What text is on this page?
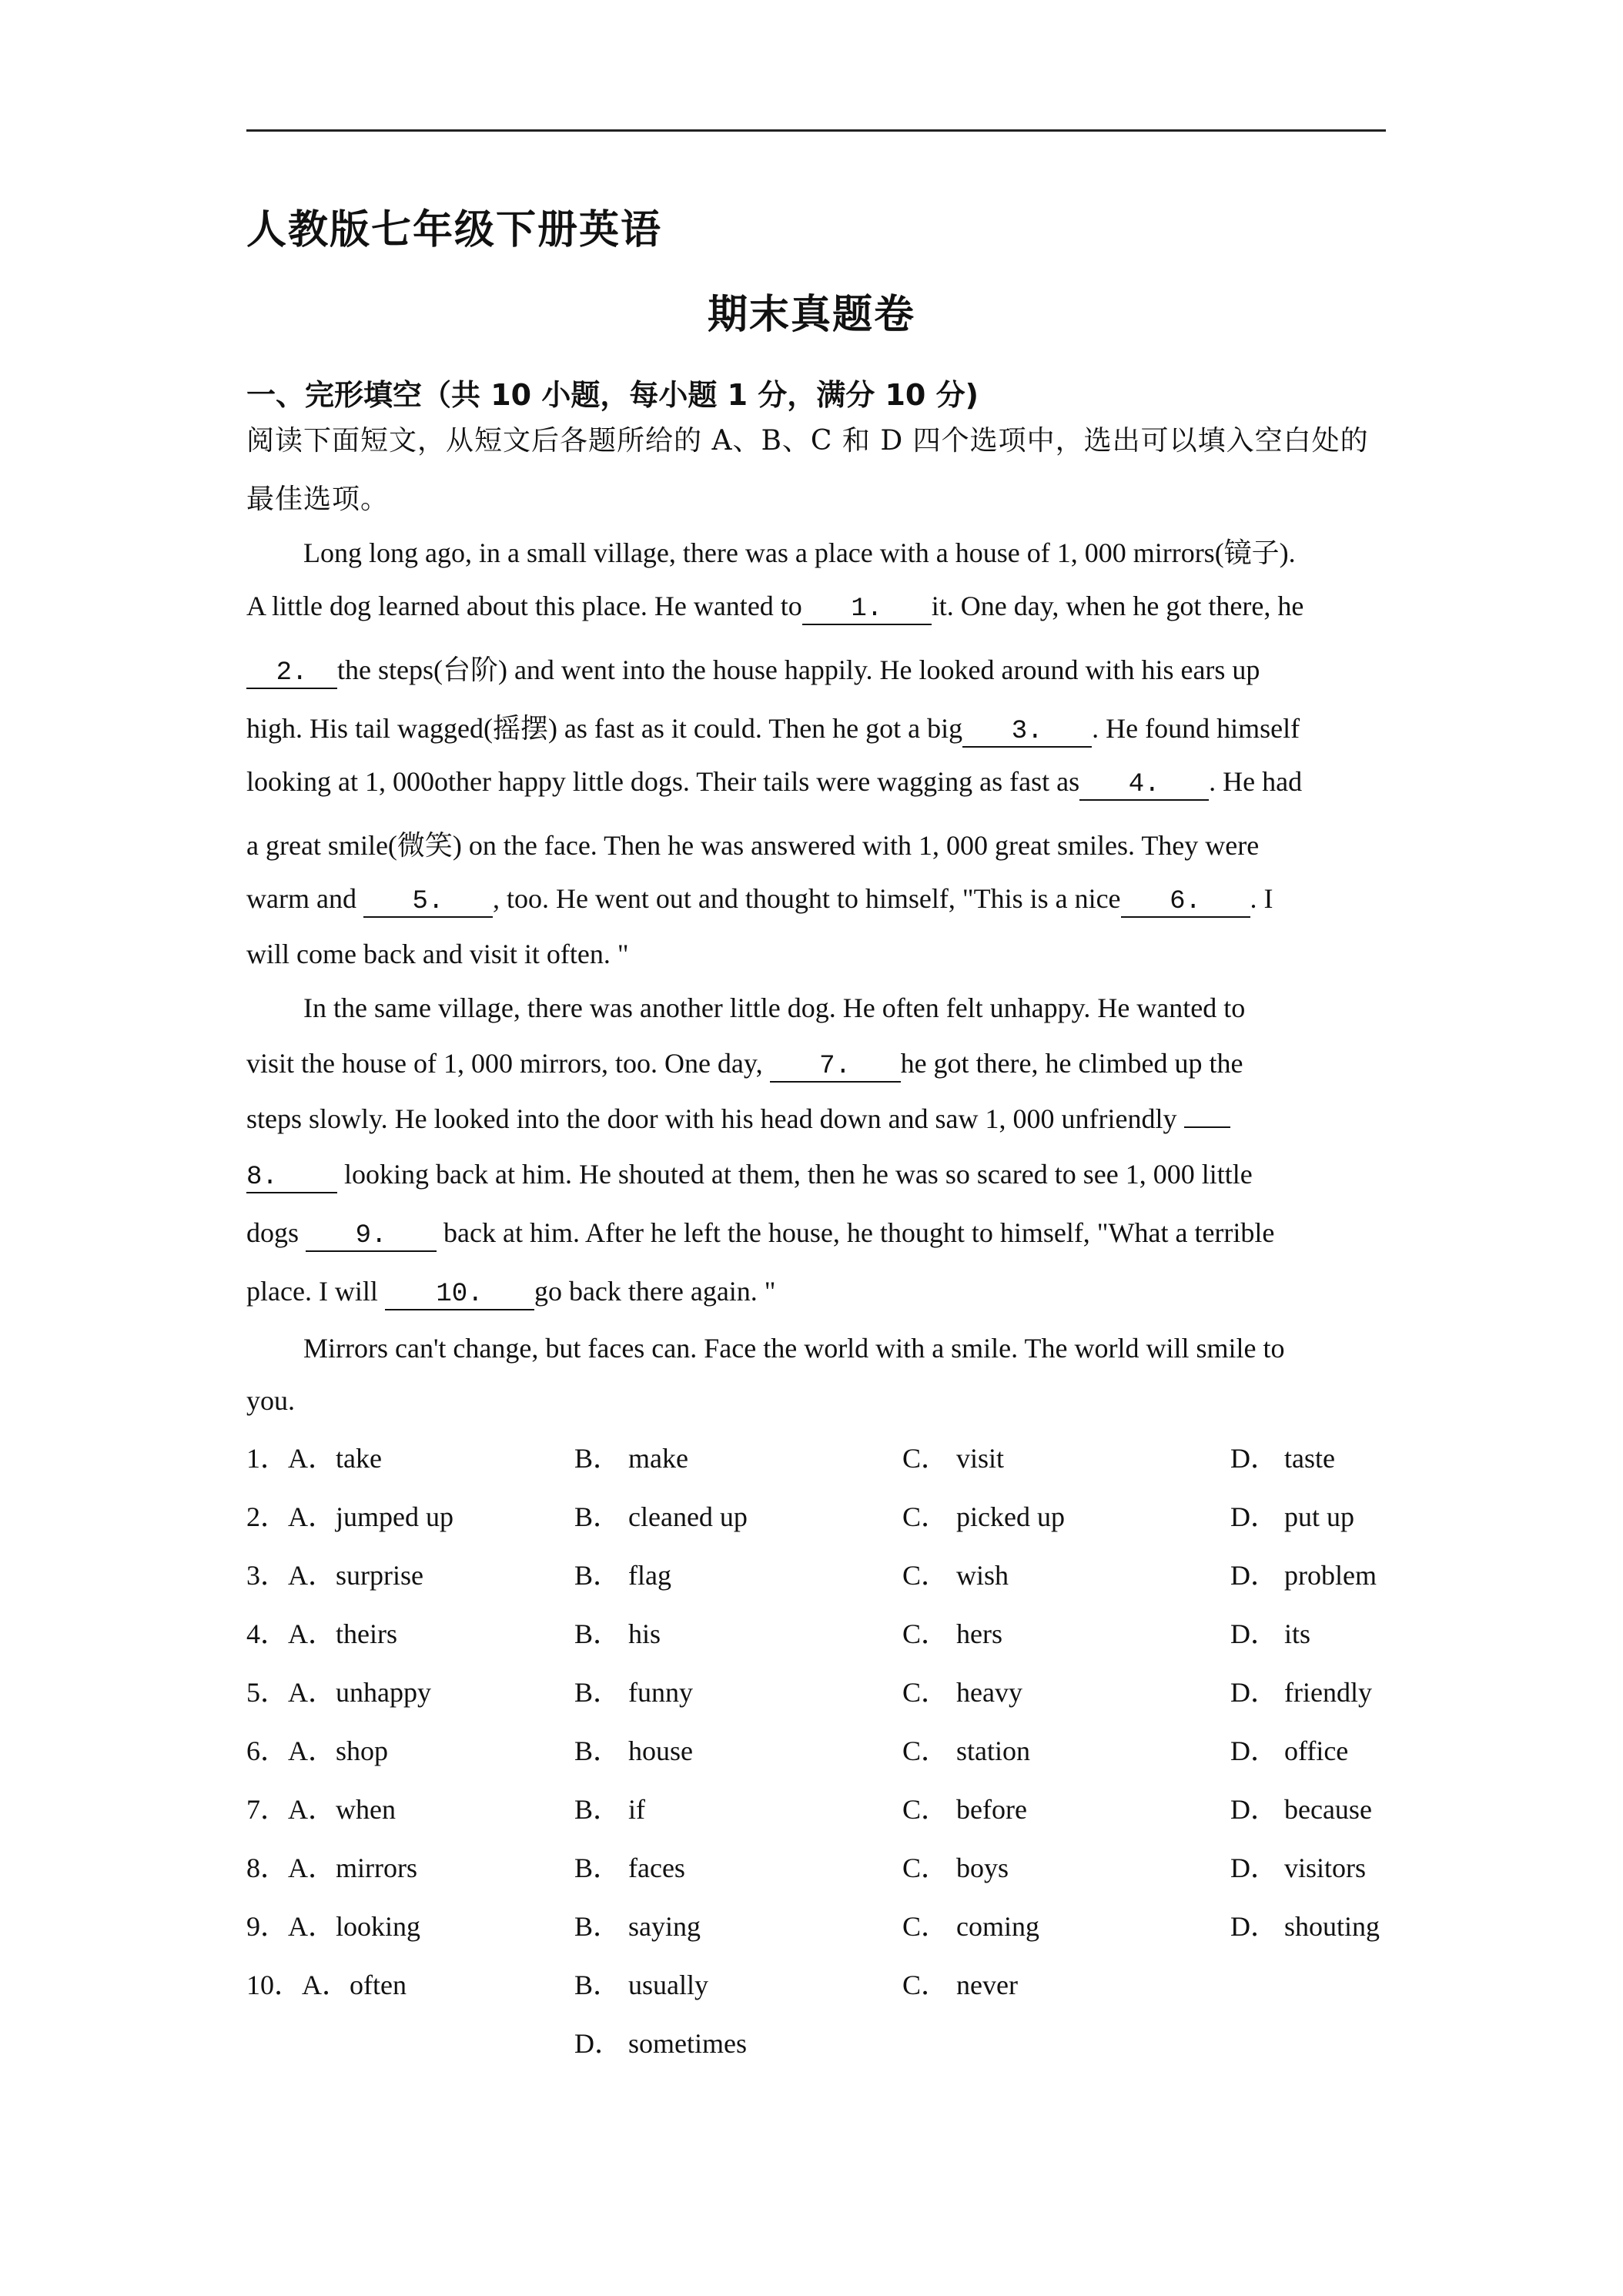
人教版七年级下册英语
期末真题卷
一、完形填空（共 10 小题，每小题 1 分，满分 10 分)

阅读下面短文，从短文后各题所给的 A、B、C 和 D 四个选项中，选出可以填入空白处的最佳选项。

Long long ago, in a small village, there was a place with a house of 1, 000 mirrors(镜子).

A little dog learned about this place. He wanted to 1. it. One day, when he got there, he

2. the steps(台阶) and went into the house happily. He looked around with his ears up

high. His tail wagged(摇摆) as fast as it could. Then he got a big 3. . He found himself

looking at 1, 000other happy little dogs. Their tails were wagging as fast as 4. . He had

a great smile(微笑) on the face. Then he was answered with 1, 000 great smiles. They were

warm and 5. , too. He went out and thought to himself, "This is a nice 6. . I

will come back and visit it often. "

In the same village, there was another little dog. He often felt unhappy. He wanted to

visit the house of 1, 000 mirrors, too. One day, 7. he got there, he climbed up the

steps slowly. He looked into the door with his head down and saw 1, 000 unfriendly

8. looking back at him. He shouted at them, then he was so scared to see 1, 000 little

dogs 9. back at him. After he left the house, he thought to himself, "What a terrible

place. I will 10. go back there again. "

Mirrors can't change, but faces can. Face the world with a smile. The world will smile to

you.

1．A．take	B． make	C． visit	D． taste
2．A．jumped up	B． cleaned up	C． picked up	D． put up
3．A．surprise	B． flag	C． wish	D． problem
4．A．theirs	B． his	C． hers	D． its
5．A．unhappy	B． funny	C． heavy	D． friendly
6．A．shop	B． house	C． station	D． office
7．A．when	B． if	C． before	D． because
8．A．mirrors	B． faces	C． boys	D． visitors
9．A．looking	B． saying	C． coming	D． shouting
10．A．often	B． usually	C． never
D． sometimes
